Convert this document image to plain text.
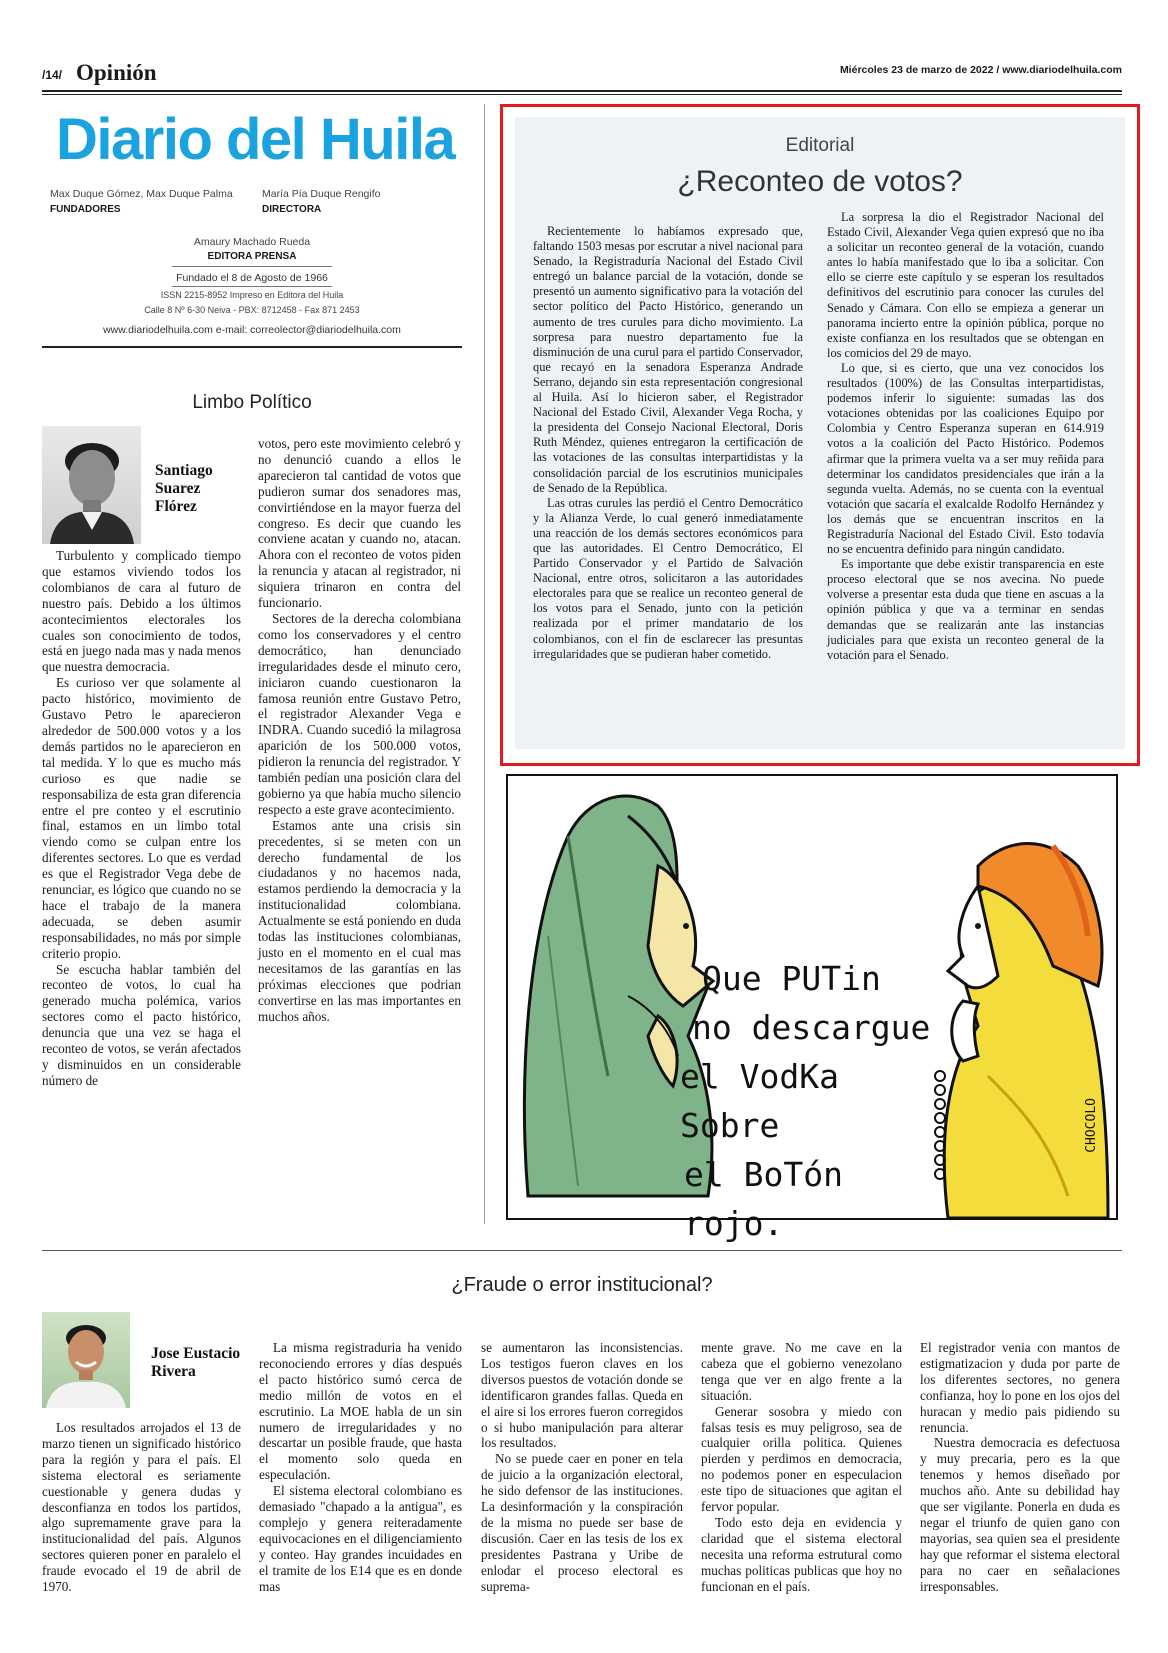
/14/ Opinión	Miércoles 23 de marzo de 2022 / www.diariodelhuila.com
Diario del Huila
Max Duque Gómez, Max Duque Palma
FUNDADORES
María Pía Duque Rengifo
DIRECTORA
Amaury Machado Rueda
EDITORA PRENSA
Fundado el 8 de Agosto de 1966
ISSN 2215-8952 Impreso en Editora del Huila
Calle 8 Nº 6-30 Neiva - PBX: 8712458 - Fax 871 2453
www.diariodelhuila.com e-mail: correolector@diariodelhuila.com
Editorial
¿Reconteo de votos?

Recientemente lo habíamos expresado que, faltando 1503 mesas por escrutar a nivel nacional para Senado, la Registraduría Nacional del Estado Civil entregó un balance parcial de la votación, donde se presentó un aumento significativo para la votación del sector político del Pacto Histórico, generando un aumento de tres curules para dicho movimiento. La sorpresa para nuestro departamento fue la disminución de una curul para el partido Conservador, que recayó en la senadora Esperanza Andrade Serrano, dejando sin esta representación congresional al Huila. Así lo hicieron saber, el Registrador Nacional del Estado Civil, Alexander Vega Rocha, y la presidenta del Consejo Nacional Electoral, Doris Ruth Méndez, quienes entregaron la certificación de las votaciones de las consultas interpartidistas y la consolidación parcial de los escrutinios municipales de Senado de la República.

Las otras curules las perdió el Centro Democrático y la Alianza Verde, lo cual generó inmediatamente una reacción de los demás sectores económicos para que las autoridades. El Centro Democrático, El Partido Conservador y el Partido de Salvación Nacional, entre otros, solicitaron a las autoridades electorales para que se realice un reconteo general de los votos para el Senado, junto con la petición realizada por el primer mandatario de los colombianos, con el fin de esclarecer las presuntas irregularidades que se pudieran haber cometido.

La sorpresa la dio el Registrador Nacional del Estado Civil, Alexander Vega quien expresó que no iba a solicitar un reconteo general de la votación, cuando antes lo había manifestado que lo iba a solicitar. Con ello se cierre este capítulo y se esperan los resultados definitivos del escrutinio para conocer las curules del Senado y Cámara. Con ello se empieza a generar un panorama incierto entre la opinión pública, porque no existe confianza en los resultados que se obtengan en los comicios del 29 de mayo.

Lo que, si es cierto, que una vez conocidos los resultados (100%) de las Consultas interpartidistas, podemos inferir lo siguiente: sumadas las dos votaciones obtenidas por las coaliciones Equipo por Colombia y Centro Esperanza superan en 614.919 votos a la coalición del Pacto Histórico. Podemos afirmar que la primera vuelta va a ser muy reñida para determinar los candidatos presidenciales que irán a la segunda vuelta. Además, no se cuenta con la eventual votación que sacaría el exalcalde Rodolfo Hernández y los demás que se encuentran inscritos en la Registraduría Nacional del Estado Civil. Esto todavía no se encuentra definido para ningún candidato.

Es importante que debe existir transparencia en este proceso electoral que se nos avecina. No puede volverse a presentar esta duda que tiene en ascuas a la opinión pública y que va a terminar en sendas demandas que se realizarán ante las instancias judiciales para que exista un reconteo general de la votación para el Senado.

Limbo Político
Santiago Suarez Flórez

Turbulento y complicado tiempo que estamos viviendo todos los colombianos de cara al futuro de nuestro país. Debido a los últimos acontecimientos electorales los cuales son conocimiento de todos, está en juego nada mas y nada menos que nuestra democracia.

Es curioso ver que solamente al pacto histórico, movimiento de Gustavo Petro le aparecieron alrededor de 500.000 votos y a los demás partidos no le aparecieron en tal medida. Y lo que es mucho más curioso es que nadie se responsabiliza de esta gran diferencia entre el pre conteo y el escrutinio final, estamos en un limbo total viendo como se culpan entre los diferentes sectores. Lo que es verdad es que el Registrador Vega debe de renunciar, es lógico que cuando no se hace el trabajo de la manera adecuada, se deben asumir responsabilidades, no más por simple criterio propio.

Se escucha hablar también del reconteo de votos, lo cual ha generado mucha polémica, varios sectores como el pacto histórico, denuncia que una vez se haga el reconteo de votos, se verán afectados y disminuidos en un considerable número de

votos, pero este movimiento celebró y no denunció cuando a ellos le aparecieron tal cantidad de votos que pudieron sumar dos senadores mas, convirtiéndose en la mayor fuerza del congreso. Es decir que cuando les conviene acatan y cuando no, atacan. Ahora con el reconteo de votos piden la renuncia y atacan al registrador, ni siquiera trinaron en contra del funcionario.

Sectores de la derecha colombiana como los conservadores y el centro democrático, han denunciado irregularidades desde el minuto cero, iniciaron cuando cuestionaron la famosa reunión entre Gustavo Petro, el registrador Alexander Vega e INDRA. Cuando sucedió la milagrosa aparición de los 500.000 votos, pidieron la renuncia del registrador. Y también pedían una posición clara del gobierno ya que había mucho silencio respecto a este grave acontecimiento.

Estamos ante una crisis sin precedentes, si se meten con un derecho fundamental de los ciudadanos y no hacemos nada, estamos perdiendo la democracia y la institucionalidad colombiana. Actualmente se está poniendo en duda todas las instituciones colombianas, justo en el momento en el cual mas necesitamos de las garantías en las próximas elecciones que podrian convertirse en las mas importantes en muchos años.

Que PUTin
no descargue
el VodKa Sobre
el BoTón rojo.
CHOCOLO
¿Fraude o error institucional?
Jose Eustacio Rivera

Los resultados arrojados el 13 de marzo tienen un significado histórico para la región y para el país. El sistema electoral es seriamente cuestionable y genera dudas y desconfianza en todos los partidos, algo supremamente grave para la institucionalidad del país. Algunos sectores quieren poner en paralelo el fraude evocado el 19 de abril de 1970.

La misma registraduria ha venido reconociendo errores y días después el pacto histórico sumó cerca de medio millón de votos en el escrutinio. La MOE habla de un sin numero de irregularidades y no descartar un posible fraude, que hasta el momento solo queda en especulación.

El sistema electoral colombiano es demasiado "chapado a la antigua", es complejo y genera reiteradamente equivocaciones en el diligenciamiento y conteo. Hay grandes incuidades en el tramite de los E14 que es en donde mas

se aumentaron las inconsistencias. Los testigos fueron claves en los diversos puestos de votación donde se identificaron grandes fallas. Queda en el aire si los errores fueron corregidos o si hubo manipulación para alterar los resultados.

No se puede caer en poner en tela de juicio a la organización electoral, he sido defensor de las instituciones. La desinformación y la conspiración de la misma no puede ser base de discusión. Caer en las tesis de los ex presidentes Pastrana y Uribe de enlodar el proceso electoral es suprema-

mente grave. No me cave en la cabeza que el gobierno venezolano tenga que ver en algo frente a la situación.

Generar sosobra y miedo con falsas tesis es muy peligroso, sea de cualquier orilla politica. Quienes pierden y perdimos en democracia, no podemos poner en especulacion este tipo de situaciones que agitan el fervor popular.

Todo esto deja en evidencia y claridad que el sistema electoral necesita una reforma estrutural como muchas politicas publicas que hoy no funcionan en el país.

El registrador venia con mantos de estigmatizacion y duda por parte de los diferentes sectores, no genera confianza, hoy lo pone en los ojos del huracan y medio pais pidiendo su renuncia.

Nuestra democracia es defectuosa y muy precaria, pero es la que tenemos y hemos diseñado por muchos año. Ante su debilidad hay que ser vigilante. Ponerla en duda es negar el triunfo de quien gano con mayorias, sea quien sea el presidente hay que reformar el sistema electoral para no caer en señalaciones irresponsables.
